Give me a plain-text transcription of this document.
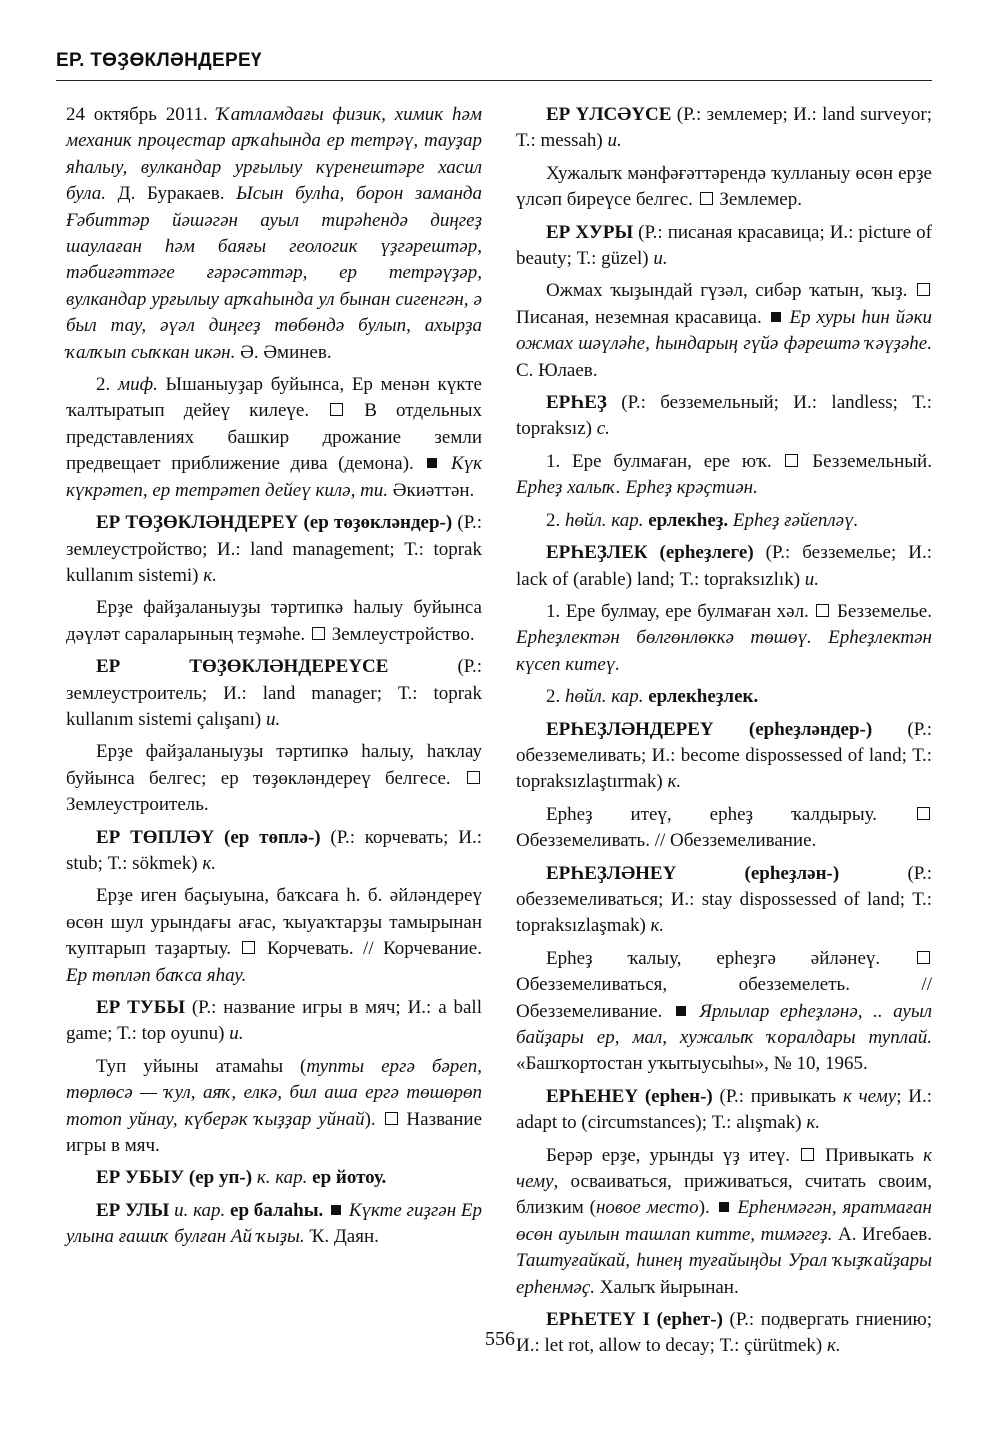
ЕР. ТӨҘӨКЛӘНДЕРЕҮ

24 октябрь 2011. Ҡатламдағы физик, химик һәм механик процестар арҡаһында ер тетрәү, тауҙар яһалыу, вулкандар урғылыу күренештәре хасил була. Д. Буракаев. Ысын булһа, борон заманда Ғәбиттәр йәшәгән ауыл тирәһендә диңгеҙ шаулаған һәм баяғы геологик үҙгәрештәр, тәбиғәттәге ғәрәсәттәр, ер тетрәүҙәр, вулкандар урғылыу арҡаһында ул бынан сигенгән, ә был тау, әүәл диңгеҙ төбөндә булып, ахырҙа ҡалҡып сыҡкан икән. Ә. Әминев.

2. миф. Ышаныуҙар буйынса, Ер менән күкте ҡалтыратып дейеү килеүе.  В отдельных представлениях башкир дрожание земли предвещает приближение дива (демона).  Күк күкрәтеп, ер тетрәтеп дейеү килә, ти. Әкиәттән.

ЕР ТӨҘӨКЛӘНДЕРЕҮ (ер төҙөкләндер-) (Р.: землеустройство; И.: land management; Т.: toprak kullanım sistemi) к.

Ерҙе файҙаланыуҙы тәртипкә һалыу буйынса дәүләт сараларының теҙмәһе.  Землеустройство.

ЕР ТӨҘӨКЛӘНДЕРЕҮСЕ (Р.: землеустроитель; И.: land manager; Т.: toprak kullanım sistemi çalışanı) и.

Ерҙе файҙаланыуҙы тәртипкә һалыу, һаҡлау буйынса белгес; ер төҙөкләндереү белгесе.  Землеустроитель.

ЕР ТӨПЛӘҮ (ер төплә-) (Р.: корчевать; И.: stub; Т.: sökmek) к.

Ерҙе иген баҫыуына, баҡсаға һ. б. әйләндереү өсөн шул урындағы ағас, ҡыуаҡтарҙы тамырынан ҡуптарып таҙартыу.  Корчевать. // Корчевание. Ер төпләп баҡса яһау.

ЕР ТУБЫ (Р.: название игры в мяч; И.: a ball game; Т.: top oyunu) и.

Туп уйыны атамаһы (тупты ергә бәреп, төрлөсә — ҡул, аяҡ, елкә, бил аша ергә төшөрөп тотоп уйнау, күберәк ҡыҙҙар уйнай).  Название игры в мяч.

ЕР УБЫУ (ер уп-) к. кар. ер йотоу.

ЕР УЛЫ и. кар. ер балаһы.  Күкте гиҙгән Ер улына ғашиҡ булған Ай ҡыҙы. Ҡ. Даян.

ЕР ҮЛСӘҮСЕ (Р.: землемер; И.: land surveyor; Т.: messah) и.

Хужалыҡ мәнфәғәттәрендә ҡулланыу өсөн ерҙе үлсәп биреүсе белгес.  Землемер.

ЕР ХУРЫ (Р.: писаная красавица; И.: picture of beauty; Т.: güzel) и.

Ожмах ҡыҙындай гүзәл, сибәр ҡатын, ҡыҙ.  Писаная, неземная красавица.  Ер хуры һин йәки ожмах шәүләһе, һындарың гүйә фәрештә ҡәүҙәһе. С. Юлаев.

ЕРҺЕҘ (Р.: безземельный; И.: landless; Т.: topraksız) с.

1. Ере булмаған, ере юҡ.  Безземельный. Ерһеҙ халыҡ. Ерһеҙ крәҫтиән.

2. һөйл. кар. ерлекһеҙ. Ерһеҙ ғәйепләү.

ЕРҺЕҘЛЕК (ерһеҙлеге) (Р.: безземелье; И.: lack of (arable) land; Т.: topraksızlık) и.

1. Ере булмау, ере булмаған хәл.  Безземелье. Ерһеҙлектән бөлгөнлөккә төшөү. Ерһеҙлектән күсеп китеү.

2. һөйл. кар. ерлекһеҙлек.

ЕРҺЕҘЛӘНДЕРЕҮ (ерһеҙләндер-) (Р.: обезземеливать; И.: become dispossessed of land; Т.: topraksızlaştırmak) к.

Ерһеҙ итеү, ерһеҙ ҡалдырыу.  Обезземеливать. // Обезземеливание.

ЕРҺЕҘЛӘНЕҮ (ерһеҙлән-) (Р.: обезземеливаться; И.: stay dispossessed of land; Т.: topraksızlaşmak) к.

Ерһеҙ ҡалыу, ерһеҙгә әйләнеү.  Обезземеливаться, обезземелеть. // Обезземеливание.  Ярлылар ерһеҙләнә, .. ауыл байҙары ер, мал, хужалыҡ ҡоралдары туплай. «Башҡортостан уҡытыусыһы», № 10, 1965.

ЕРҺЕНЕҮ (ерһен-) (Р.: привыкать к чему; И.: adapt to (circumstances); Т.: alışmak) к.

Берәр ерҙе, урынды үҙ итеү.  Привыкать к чему, осваиваться, приживаться, считать своим, близким (новое место).  Ерһенмәгән, яратмаған өсөн ауылын ташлап китте, тимәгеҙ. А. Игебаев. Таштуғайкай, һинең туғайыңды Урал ҡыҙҡайҙары ерһенмәҫ. Халыҡ йырынан.

ЕРҺЕТЕҮ I (ерһет-) (Р.: подвергать гниению; И.: let rot, allow to decay; Т.: çürütmek) к.

556
